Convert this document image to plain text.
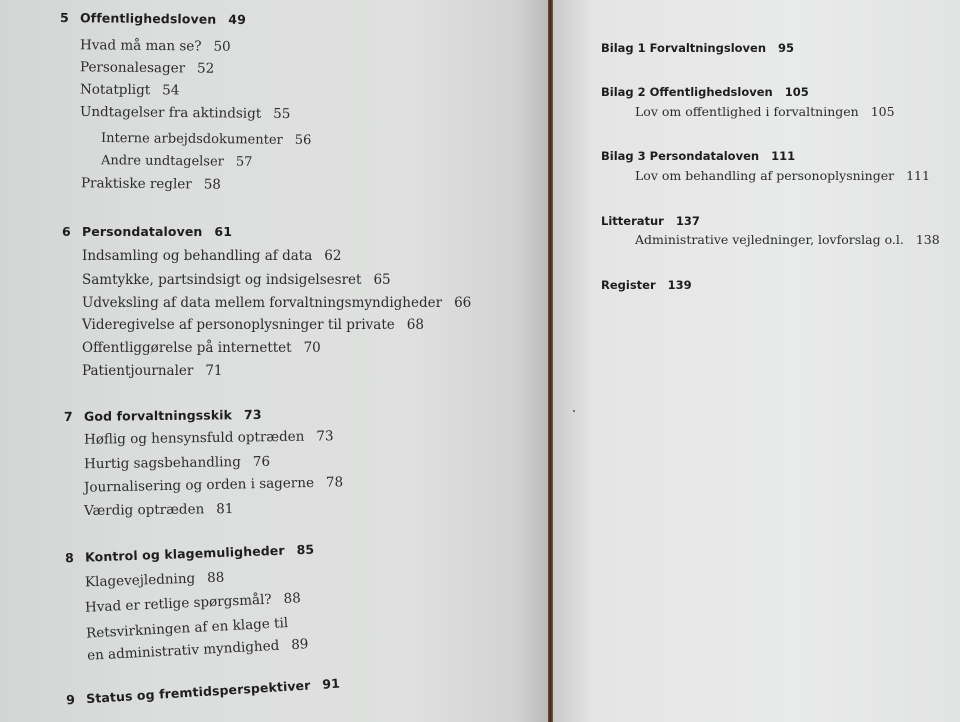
5 Offentlighedsloven 49
Hvad må man se? 50
Personalesager 52
Notatpligt 54
Undtagelser fra aktindsigt 55
Interne arbejdsdokumenter 56
Andre undtagelser 57
Praktiske regler 58
6 Persondataloven 61
Indsamling og behandling af data 62
Samtykke, partsindsigt og indsigelsesret 65
Udveksling af data mellem forvaltningsmyndigheder 66
Videregivelse af personoplysninger til private 68
Offentliggørelse på internettet 70
Patientjournaler 71
7 God forvaltningsskik 73
Høflig og hensynsfuld optræden 73
Hurtig sagsbehandling 76
Journalisering og orden i sagerne 78
Værdig optræden 81
8 Kontrol og klagemuligheder 85
Klagevejledning 88
Hvad er retlige spørgsmål? 88
Retsvirkningen af en klage til
en administrativ myndighed 89
9 Status og fremtidsperspektiver 91
Bilag 1 Forvaltningsloven 95
Bilag 2 Offentlighedsloven 105
Lov om offentlighed i forvaltningen 105
Bilag 3 Persondataloven 111
Lov om behandling af personoplysninger 111
Litteratur 137
Administrative vejledninger, lovforslag o.l. 138
Register 139
